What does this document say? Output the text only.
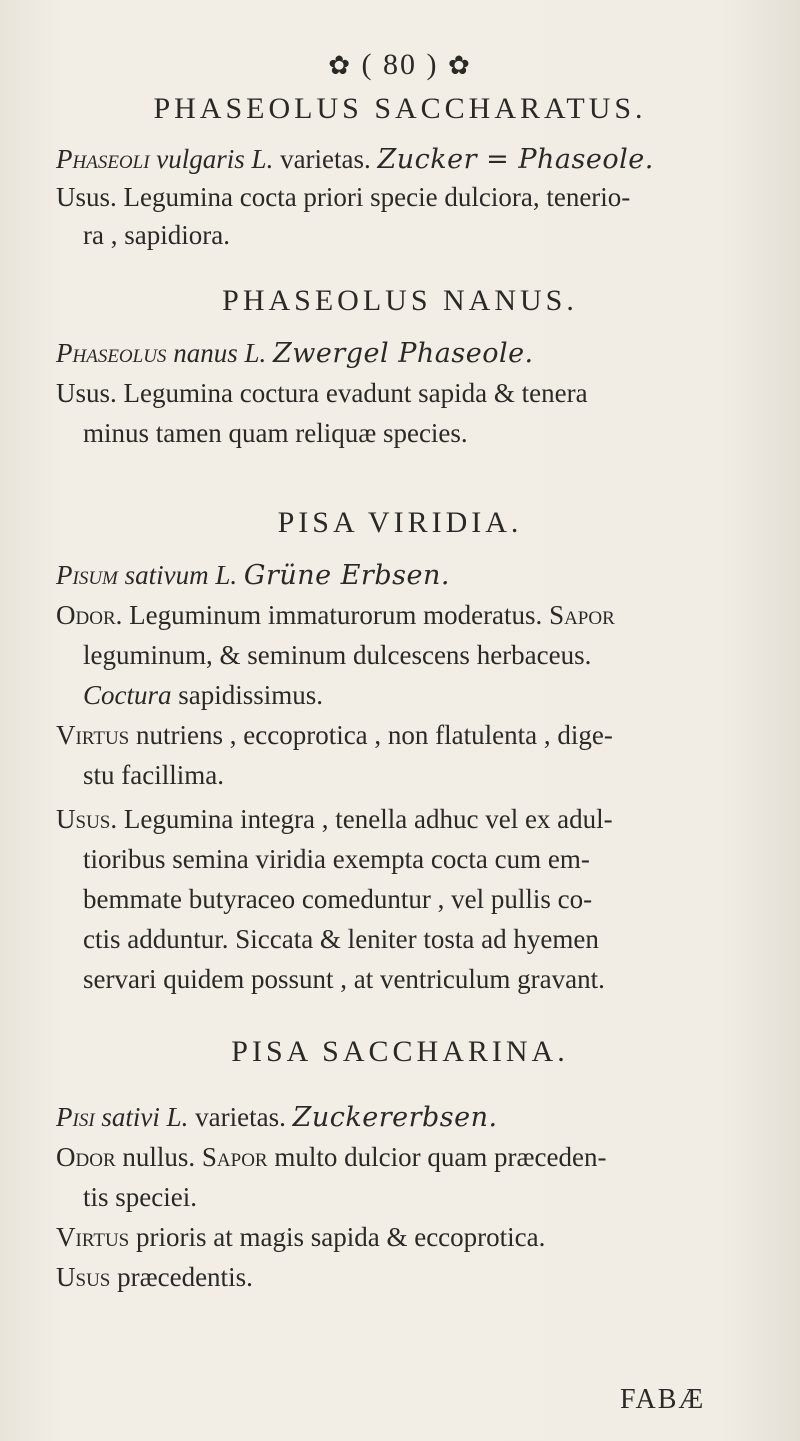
✿ ( 80 ) ✿
PHASEOLUS SACCHARATUS.
Phaseoli vulgaris L. varietas. Zucker = Phaseole.
Usus. Legumina cocta priori specie dulciora, tenerio-
ra , sapidiora.
PHASEOLUS NANUS.
Phaseolus nanus L. Zwergel Phaseole.
Usus. Legumina coctura evadunt sapida & tenera
minus tamen quam reliquæ species.
PISA VIRIDIA.
Pisum sativum L. Grüne Erbsen.
Odor. Leguminum immaturorum moderatus. Sapor
leguminum, & seminum dulcescens herbaceus.
Coctura sapidissimus.
Virtus nutriens , eccoprotica , non flatulenta , dige-
stu facillima.
Usus. Legumina integra , tenella adhuc vel ex adul-
tioribus semina viridia exempta cocta cum em-
bemmate butyraceo comeduntur , vel pullis co-
ctis adduntur. Siccata & leniter tosta ad hyemen
servari quidem possunt , at ventriculum gravant.
PISA SACCHARINA.
Pisi sativi L. varietas. Zuckererbsen.
Odor nullus. Sapor multo dulcior quam præceden-
tis speciei.
Virtus prioris at magis sapida & eccoprotica.
Usus præcedentis.
FABÆ
